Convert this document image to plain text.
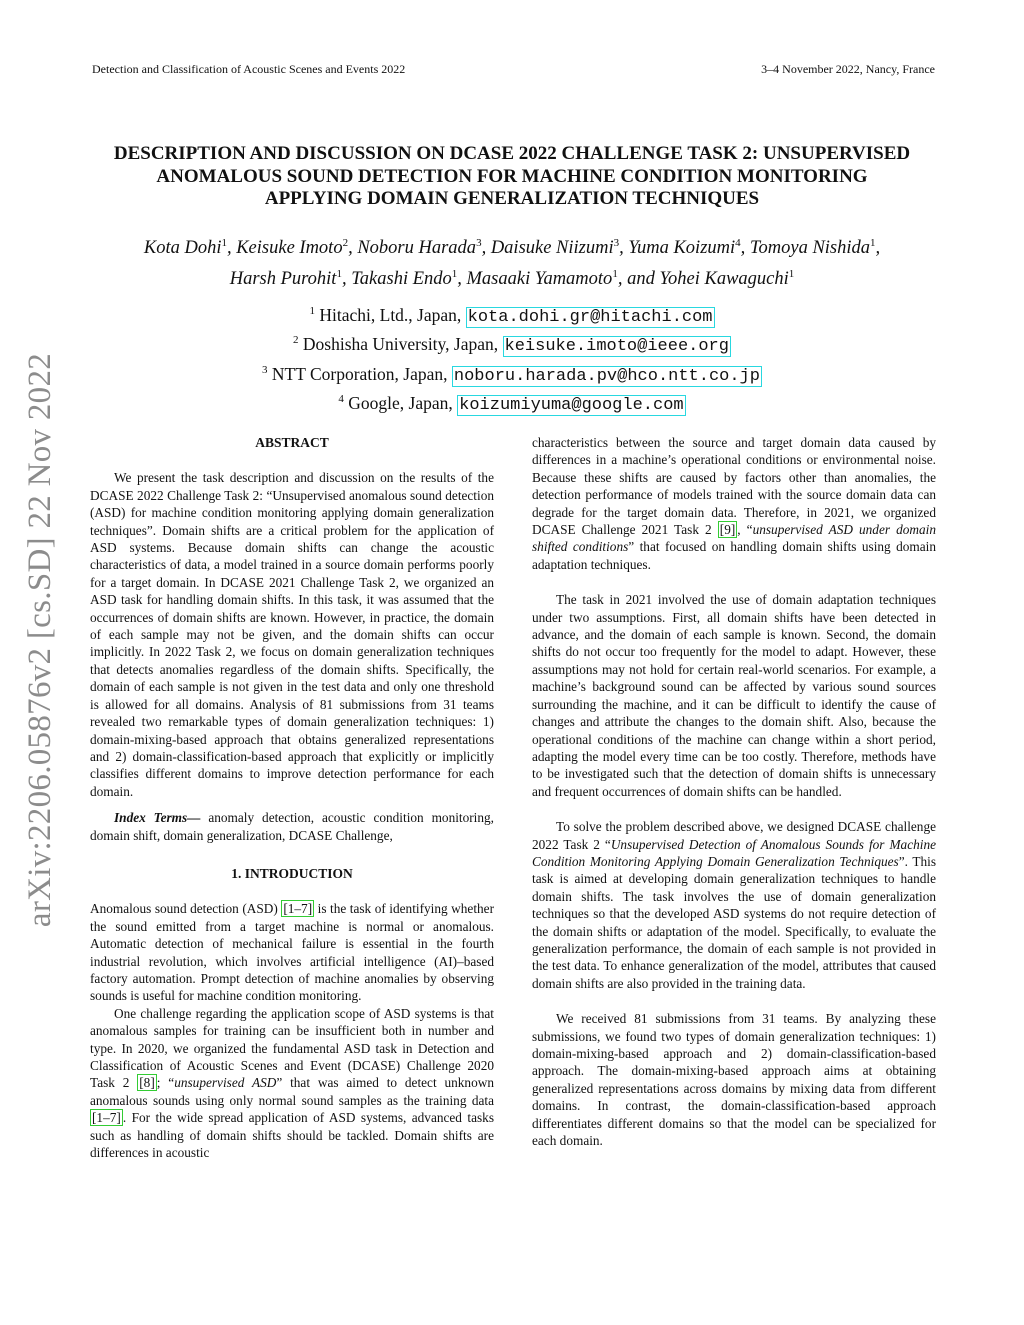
Detection and Classification of Acoustic Scenes and Events 2022	3–4 November 2022, Nancy, France
arXiv:2206.05876v2 [cs.SD] 22 Nov 2022
DESCRIPTION AND DISCUSSION ON DCASE 2022 CHALLENGE TASK 2: UNSUPERVISED
ANOMALOUS SOUND DETECTION FOR MACHINE CONDITION MONITORING
APPLYING DOMAIN GENERALIZATION TECHNIQUES
Kota Dohi$^1$, Keisuke Imoto$^2$, Noboru Harada$^3$, Daisuke Niizumi$^3$, Yuma Koizumi$^4$, Tomoya Nishida$^1$,
Harsh Purohit$^1$, Takashi Endo$^1$, Masaaki Yamamoto$^1$, and Yohei Kawaguchi$^1$
$^1$ Hitachi, Ltd., Japan, kota.dohi.gr@hitachi.com
$^2$ Doshisha University, Japan, keisuke.imoto@ieee.org
$^3$ NTT Corporation, Japan, noboru.harada.pv@hco.ntt.co.jp
$^4$ Google, Japan, koizumiyuma@google.com

ABSTRACT

We present the task description and discussion on the results of the DCASE 2022 Challenge Task 2: “Unsupervised anomalous sound detection (ASD) for machine condition monitoring applying domain generalization techniques”. Domain shifts are a critical problem for the application of ASD systems. Because domain shifts can change the acoustic characteristics of data, a model trained in a source domain performs poorly for a target domain. In DCASE 2021 Challenge Task 2, we organized an ASD task for handling domain shifts. In this task, it was assumed that the occurrences of domain shifts are known. However, in practice, the domain of each sample may not be given, and the domain shifts can occur implicitly. In 2022 Task 2, we focus on domain generalization techniques that detects anomalies regardless of the domain shifts. Specifically, the domain of each sample is not given in the test data and only one threshold is allowed for all domains. Analysis of 81 submissions from 31 teams revealed two remarkable types of domain generalization techniques: 1) domain-mixing-based approach that obtains generalized representations and 2) domain-classification-based approach that explicitly or implicitly classifies different domains to improve detection performance for each domain.

Index Terms— anomaly detection, acoustic condition monitoring, domain shift, domain generalization, DCASE Challenge,

1. INTRODUCTION

Anomalous sound detection (ASD) [1–7] is the task of identifying whether the sound emitted from a target machine is normal or anomalous. Automatic detection of mechanical failure is essential in the fourth industrial revolution, which involves artificial intelligence (AI)–based factory automation. Prompt detection of machine anomalies by observing sounds is useful for machine condition monitoring.

One challenge regarding the application scope of ASD systems is that anomalous samples for training can be insufficient both in number and type. In 2020, we organized the fundamental ASD task in Detection and Classification of Acoustic Scenes and Event (DCASE) Challenge 2020 Task 2 [8] ; “unsupervised ASD” that was aimed to detect unknown anomalous sounds using only normal sound samples as the training data [1–7] . For the wide spread application of ASD systems, advanced tasks such as handling of domain shifts should be tackled. Domain shifts are differences in acoustic

characteristics between the source and target domain data caused by differences in a machine’s operational conditions or environmental noise. Because these shifts are caused by factors other than anomalies, the detection performance of models trained with the source domain data can degrade for the target domain data. Therefore, in 2021, we organized DCASE Challenge 2021 Task 2 [9] , “unsupervised ASD under domain shifted conditions” that focused on handling domain shifts using domain adaptation techniques.

The task in 2021 involved the use of domain adaptation techniques under two assumptions. First, all domain shifts have been detected in advance, and the domain of each sample is known. Second, the domain shifts do not occur too frequently for the model to adapt. However, these assumptions may not hold for certain real-world scenarios. For example, a machine’s background sound can be affected by various sound sources surrounding the machine, and it can be difficult to identify the cause of changes and attribute the changes to the domain shift. Also, because the operational conditions of the machine can change within a short period, adapting the model every time can be too costly. Therefore, methods have to be investigated such that the detection of domain shifts is unnecessary and frequent occurrences of domain shifts can be handled.

To solve the problem described above, we designed DCASE challenge 2022 Task 2 “Unsupervised Detection of Anomalous Sounds for Machine Condition Monitoring Applying Domain Generalization Techniques”. This task is aimed at developing domain generalization techniques to handle domain shifts. The task involves the use of domain generalization techniques so that the developed ASD systems do not require detection of the domain shifts or adaptation of the model. Specifically, to evaluate the generalization performance, the domain of each sample is not provided in the test data. To enhance generalization of the model, attributes that caused domain shifts are also provided in the training data.

We received 81 submissions from 31 teams. By analyzing these submissions, we found two types of domain generalization techniques: 1) domain-mixing-based approach and 2) domain-classification-based approach. The domain-mixing-based approach aims at obtaining generalized representations across domains by mixing data from different domains. In contrast, the domain-classification-based approach differentiates different domains so that the model can be specialized for each domain.
